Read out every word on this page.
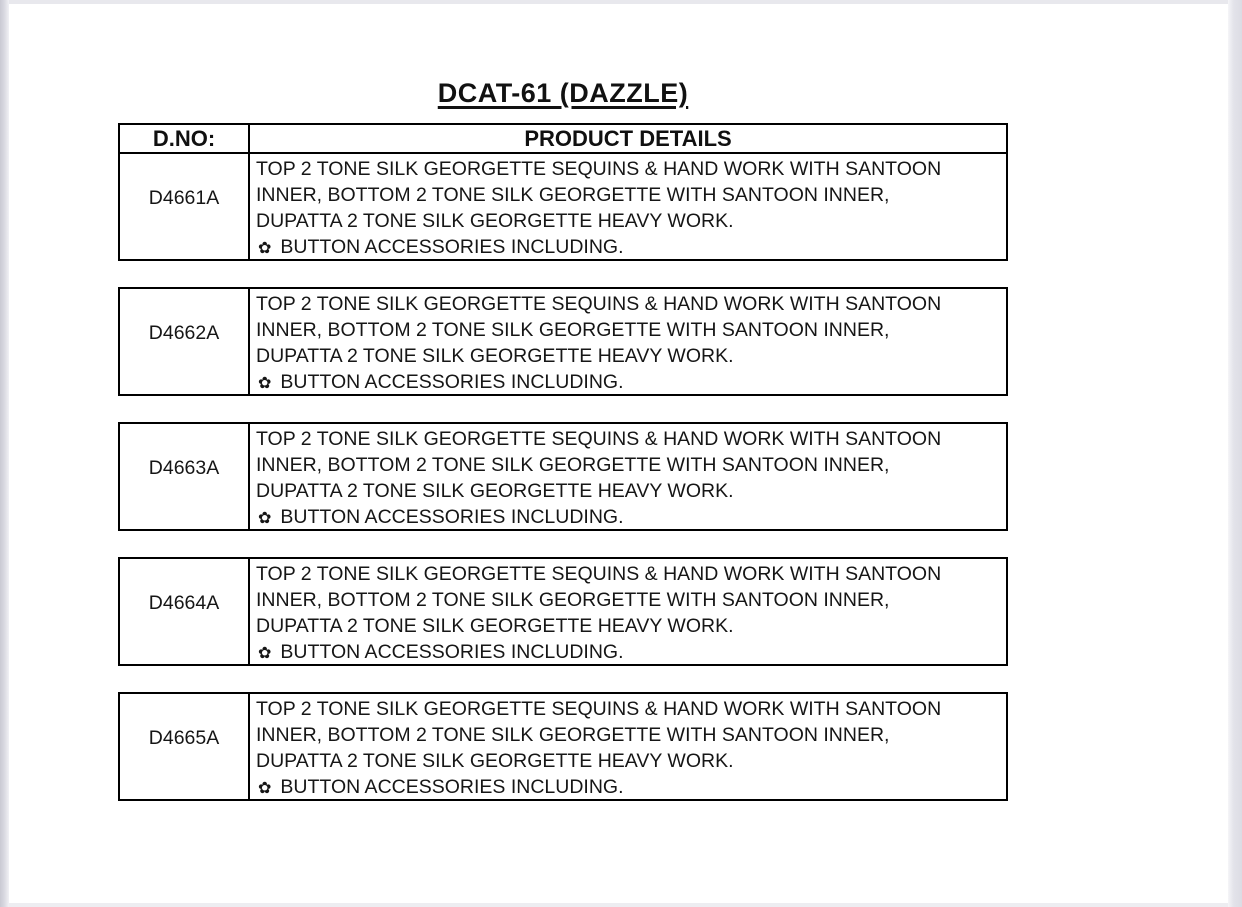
DCAT-61 (DAZZLE)
D.NO:	PRODUCT DETAILS
D4661A
TOP 2 TONE SILK GEORGETTE SEQUINS & HAND WORK WITH SANTOON
INNER, BOTTOM 2 TONE SILK GEORGETTE WITH SANTOON INNER,
DUPATTA 2 TONE SILK GEORGETTE HEAVY WORK.
✿ BUTTON ACCESSORIES INCLUDING.
D4662A
TOP 2 TONE SILK GEORGETTE SEQUINS & HAND WORK WITH SANTOON
INNER, BOTTOM 2 TONE SILK GEORGETTE WITH SANTOON INNER,
DUPATTA 2 TONE SILK GEORGETTE HEAVY WORK.
✿ BUTTON ACCESSORIES INCLUDING.
D4663A
TOP 2 TONE SILK GEORGETTE SEQUINS & HAND WORK WITH SANTOON
INNER, BOTTOM 2 TONE SILK GEORGETTE WITH SANTOON INNER,
DUPATTA 2 TONE SILK GEORGETTE HEAVY WORK.
✿ BUTTON ACCESSORIES INCLUDING.
D4664A
TOP 2 TONE SILK GEORGETTE SEQUINS & HAND WORK WITH SANTOON
INNER, BOTTOM 2 TONE SILK GEORGETTE WITH SANTOON INNER,
DUPATTA 2 TONE SILK GEORGETTE HEAVY WORK.
✿ BUTTON ACCESSORIES INCLUDING.
D4665A
TOP 2 TONE SILK GEORGETTE SEQUINS & HAND WORK WITH SANTOON
INNER, BOTTOM 2 TONE SILK GEORGETTE WITH SANTOON INNER,
DUPATTA 2 TONE SILK GEORGETTE HEAVY WORK.
✿ BUTTON ACCESSORIES INCLUDING.
